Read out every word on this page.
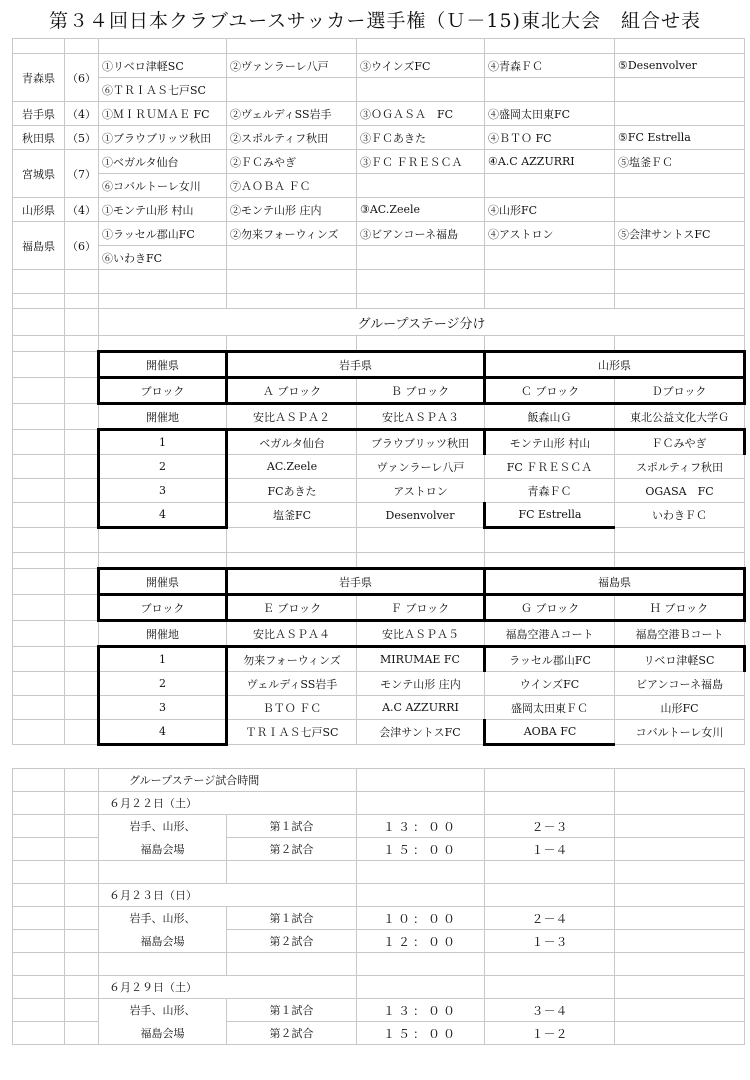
第３４回日本クラブユースサッカー選手権（Ｕ－15)東北大会　組合せ表

青森県	（6）	①リベロ津軽SC	②ヴァンラーレ八戸	③ウインズFC	④青森ＦＣ	⑤Desenvolver
		⑥ＴＲＩＡＳ七戸SC				
岩手県	（4）	①ＭＩＲＵＭＡＥ FC	②ヴェルディSS岩手	③ＯＧＡＳＡ　FC	④盛岡太田東FC	
秋田県	（5）	①ブラウブリッツ秋田	②スポルティフ秋田	③ＦＣあきた	④ＢＴＯ FC	⑤FC Estrella
宮城県	（7）	①ベガルタ仙台	②ＦＣみやぎ	③ＦＣ ＦＲＥＳＣＡ	④A.C AZZURRI	⑤塩釜ＦＣ
		⑥コバルトーレ女川	⑦ＡＯＢＡ ＦＣ			
山形県	（4）	①モンテ山形 村山	②モンテ山形 庄内	③AC.Zeele	④山形FC	
福島県	（6）	①ラッセル郡山FC	②勿来フォーウィンズ	③ビアンコーネ福島	④アストロン	⑤会津サントスFC
		⑥いわきFC				

		グループステージ分け				

		開催県	岩手県		山形県	
		ブロック	Ａ ブロック	Ｂ ブロック	Ｃ ブロック	Ｄブロック
		開催地	安比ＡＳＰＡ２	安比ＡＳＰＡ３	飯森山Ｇ	東北公益文化大学Ｇ
		1	ベガルタ仙台	ブラウブリッツ秋田	モンテ山形 村山	ＦＣみやぎ
		2	AC.Zeele	ヴァンラーレ八戸	FC ＦＲＥＳＣＡ	スポルティフ秋田
		3	FCあきた	アストロン	青森ＦＣ	OGASA　FC
		4	塩釜FC	Desenvolver	FC Estrella	いわきＦＣ

		開催県	岩手県		福島県	
		ブロック	Ｅ ブロック	Ｆ ブロック	Ｇ ブロック	Ｈ ブロック
		開催地	安比ＡＳＰＡ４	安比ＡＳＰＡ５	福島空港Ａコート	福島空港Ｂコート
		1	勿来フォーウィンズ	MIRUMAE FC	ラッセル郡山FC	リベロ津軽SC
		2	ヴェルディSS岩手	モンテ山形 庄内	ウインズFC	ビアンコーネ福島
		3	ＢＴＯ ＦＣ	A.C AZZURRI	盛岡太田東ＦＣ	山形FC
		4	ＴＲＩＡＳ七戸SC	会津サントスFC	AOBA FC	コバルトーレ女川
		グループステージ試合時間				
		６月２２日（土）				
		岩手、山形、	第１試合	１３：００	２－３	
		福島会場	第２試合	１５：００	１－４	

		６月２３日（日）				
		岩手、山形、	第１試合	１０：００	２－４	
		福島会場	第２試合	１２：００	１－３	

		６月２９日（土）				
		岩手、山形、	第１試合	１３：００	３－４	
		福島会場	第２試合	１５：００	１－２	
